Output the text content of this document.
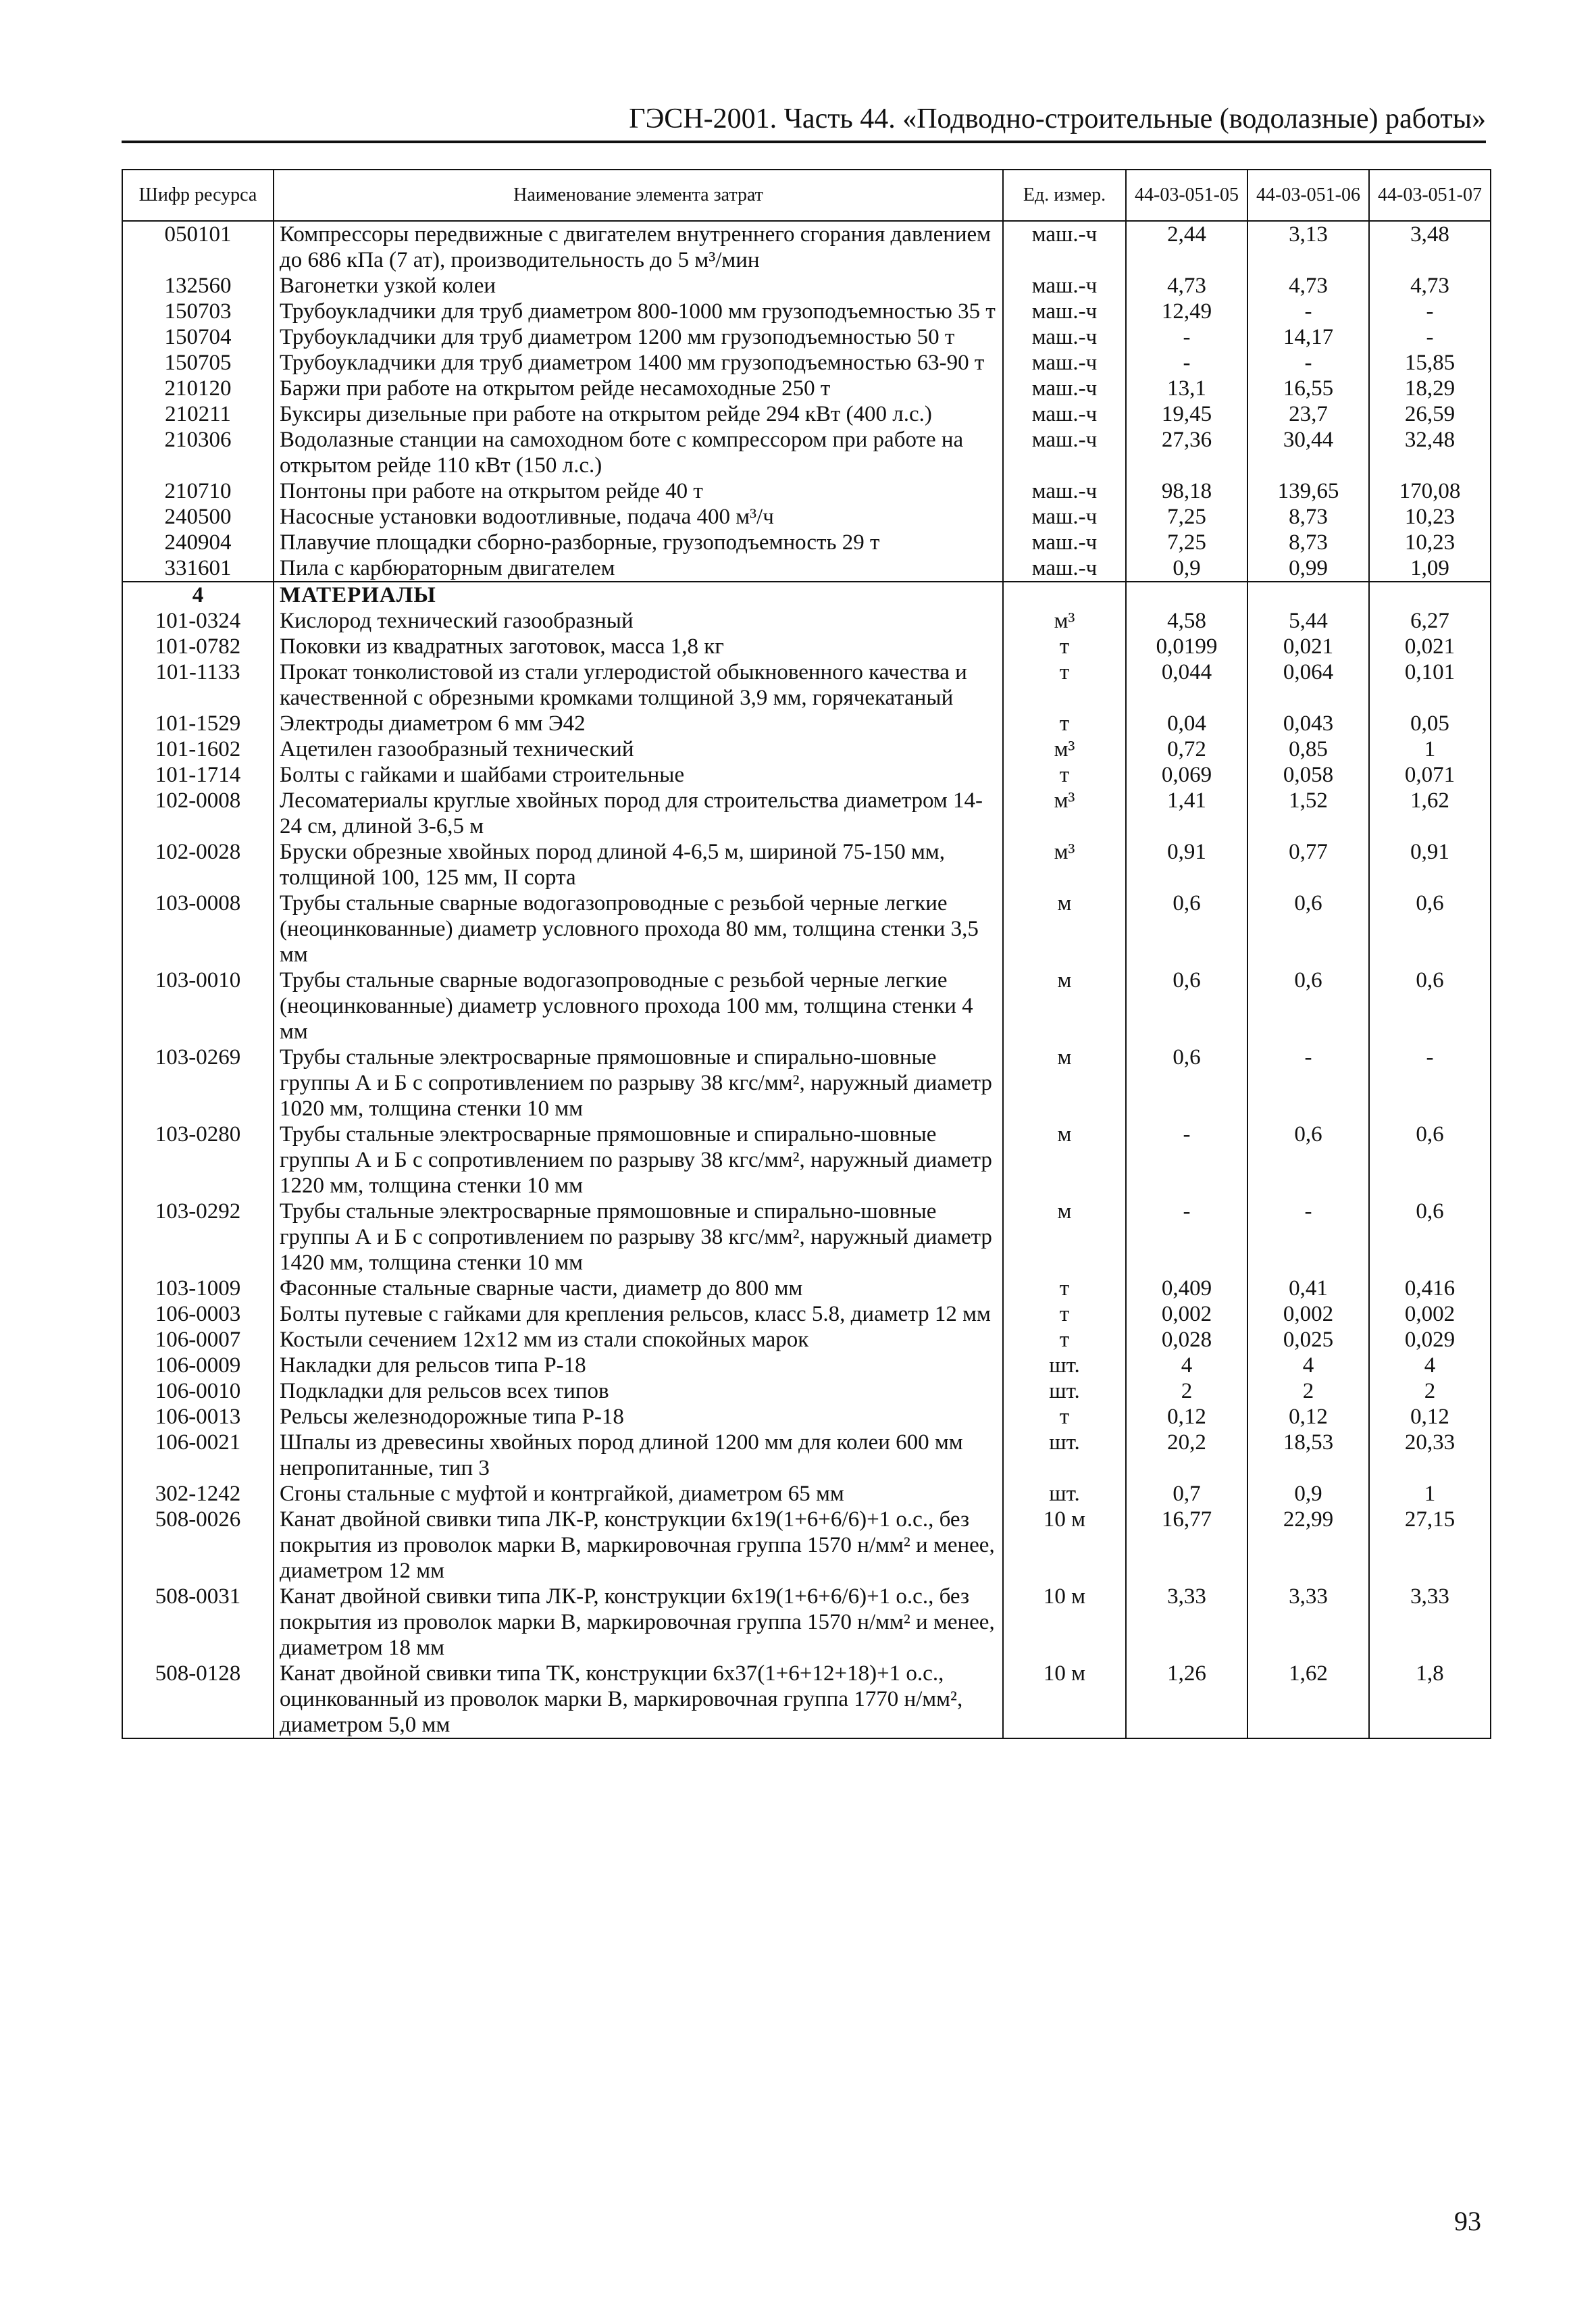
ГЭСН-2001. Часть 44. «Подводно-строительные (водолазные) работы»
Шифр ресурса	Наименование элемента затрат	Ед. измер.	44-03-051-05	44-03-051-06	44-03-051-07
050101	Компрессоры передвижные с двигателем внутреннего сгорания давлением до 686 кПа (7 ат), производительность до 5 м³/мин	маш.-ч	2,44	3,13	3,48
132560	Вагонетки узкой колеи	маш.-ч	4,73	4,73	4,73
150703	Трубоукладчики для труб диаметром 800-1000 мм грузоподъемностью 35 т	маш.-ч	12,49	-	-
150704	Трубоукладчики для труб диаметром 1200 мм грузоподъемностью 50 т	маш.-ч	-	14,17	-
150705	Трубоукладчики для труб диаметром 1400 мм грузоподъемностью 63-90 т	маш.-ч	-	-	15,85
210120	Баржи при работе на открытом рейде несамоходные 250 т	маш.-ч	13,1	16,55	18,29
210211	Буксиры дизельные при работе на открытом рейде 294 кВт (400 л.с.)	маш.-ч	19,45	23,7	26,59
210306	Водолазные станции на самоходном боте с компрессором при работе на открытом рейде 110 кВт (150 л.с.)	маш.-ч	27,36	30,44	32,48
210710	Понтоны при работе на открытом рейде 40 т	маш.-ч	98,18	139,65	170,08
240500	Насосные установки водоотливные, подача 400 м³/ч	маш.-ч	7,25	8,73	10,23
240904	Плавучие площадки сборно-разборные, грузоподъемность 29 т	маш.-ч	7,25	8,73	10,23
331601	Пила с карбюраторным двигателем	маш.-ч	0,9	0,99	1,09
4	МАТЕРИАЛЫ				
101-0324	Кислород технический газообразный	м³	4,58	5,44	6,27
101-0782	Поковки из квадратных заготовок, масса 1,8 кг	т	0,0199	0,021	0,021
101-1133	Прокат тонколистовой из стали углеродистой обыкновенного качества и качественной с обрезными кромками толщиной 3,9 мм, горячекатаный	т	0,044	0,064	0,101
101-1529	Электроды диаметром 6 мм Э42	т	0,04	0,043	0,05
101-1602	Ацетилен газообразный технический	м³	0,72	0,85	1
101-1714	Болты с гайками и шайбами строительные	т	0,069	0,058	0,071
102-0008	Лесоматериалы круглые хвойных пород для строительства диаметром 14-24 см, длиной 3-6,5 м	м³	1,41	1,52	1,62
102-0028	Бруски обрезные хвойных пород длиной 4-6,5 м, шириной 75-150 мм, толщиной 100, 125 мм, II сорта	м³	0,91	0,77	0,91
103-0008	Трубы стальные сварные водогазопроводные с резьбой черные легкие (неоцинкованные) диаметр условного прохода 80 мм, толщина стенки 3,5 мм	м	0,6	0,6	0,6
103-0010	Трубы стальные сварные водогазопроводные с резьбой черные легкие (неоцинкованные) диаметр условного прохода 100 мм, толщина стенки 4 мм	м	0,6	0,6	0,6
103-0269	Трубы стальные электросварные прямошовные и спирально-шовные группы А и Б с сопротивлением по разрыву 38 кгс/мм², наружный диаметр 1020 мм, толщина стенки 10 мм	м	0,6	-	-
103-0280	Трубы стальные электросварные прямошовные и спирально-шовные группы А и Б с сопротивлением по разрыву 38 кгс/мм², наружный диаметр 1220 мм, толщина стенки 10 мм	м	-	0,6	0,6
103-0292	Трубы стальные электросварные прямошовные и спирально-шовные группы А и Б с сопротивлением по разрыву 38 кгс/мм², наружный диаметр 1420 мм, толщина стенки 10 мм	м	-	-	0,6
103-1009	Фасонные стальные сварные части, диаметр до 800 мм	т	0,409	0,41	0,416
106-0003	Болты путевые с гайками для крепления рельсов, класс 5.8, диаметр 12 мм	т	0,002	0,002	0,002
106-0007	Костыли сечением 12х12 мм из стали спокойных марок	т	0,028	0,025	0,029
106-0009	Накладки для рельсов типа Р-18	шт.	4	4	4
106-0010	Подкладки для рельсов всех типов	шт.	2	2	2
106-0013	Рельсы железнодорожные типа Р-18	т	0,12	0,12	0,12
106-0021	Шпалы из древесины хвойных пород длиной 1200 мм для колеи 600 мм непропитанные, тип 3	шт.	20,2	18,53	20,33
302-1242	Сгоны стальные с муфтой и контргайкой, диаметром 65 мм	шт.	0,7	0,9	1
508-0026	Канат двойной свивки типа ЛК-Р, конструкции 6х19(1+6+6/6)+1 о.с., без покрытия из проволок марки В, маркировочная группа 1570 н/мм² и менее, диаметром 12 мм	10 м	16,77	22,99	27,15
508-0031	Канат двойной свивки типа ЛК-Р, конструкции 6х19(1+6+6/6)+1 о.с., без покрытия из проволок марки В, маркировочная группа 1570 н/мм² и менее, диаметром 18 мм	10 м	3,33	3,33	3,33
508-0128	Канат двойной свивки типа ТК, конструкции 6х37(1+6+12+18)+1 о.с., оцинкованный из проволок марки В, маркировочная группа 1770 н/мм², диаметром 5,0 мм	10 м	1,26	1,62	1,8
93
